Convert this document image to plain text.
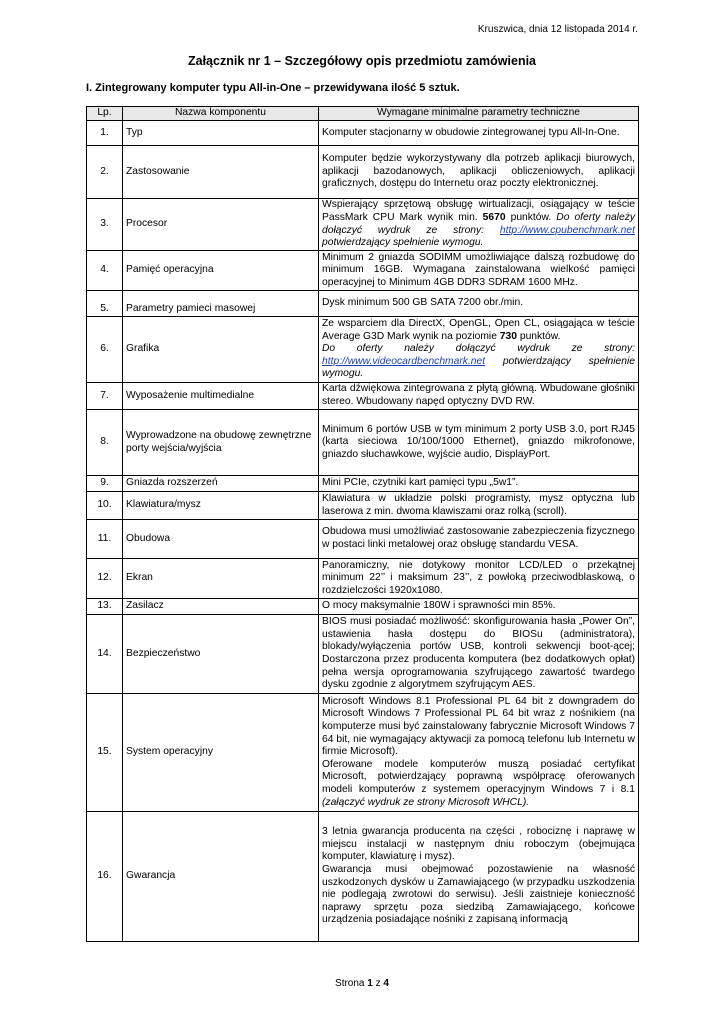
Kruszwica, dnia 12 listopada 2014 r.
Załącznik nr 1 – Szczegółowy opis przedmiotu zamówienia
I. Zintegrowany komputer typu All-in-One – przewidywana ilość 5 sztuk.
Lp.	Nazwa komponentu	Wymagane minimalne parametry techniczne
1.	Typ	Komputer stacjonarny w obudowie zintegrowanej typu All-In-One.
2.	Zastosowanie	Komputer będzie wykorzystywany dla potrzeb aplikacji biurowych, aplikacji bazodanowych, aplikacji obliczeniowych, aplikacji graficznych, dostępu do Internetu oraz poczty elektronicznej.
3.	Procesor	Wspierający sprzętową obsługę wirtualizacji, osiągający w teście PassMark CPU Mark wynik min. 5670 punktów. Do oferty należy dołączyć wydruk ze strony: http://www.cpubenchmark.net potwierdzający spełnienie wymogu.
4.	Pamięć operacyjna	Minimum 2 gniazda SODIMM umożliwiające dalszą rozbudowę do minimum 16GB. Wymagana zainstalowana wielkość pamięci operacyjnej to Minimum 4GB DDR3 SDRAM 1600 MHz.
5.	Parametry pamieci masowej	Dysk minimum 500 GB SATA 7200 obr./min.
6.	Grafika	Ze wsparciem dla DirectX, OpenGL, Open CL, osiągająca w teście Average G3D Mark wynik na poziomie 730 punktów.
Do oferty należy dołączyć wydruk ze strony: http://www.videocardbenchmark.net potwierdzający spełnienie wymogu.
7.	Wyposażenie multimedialne	Karta dźwiękowa zintegrowana z płytą główną. Wbudowane głośniki stereo. Wbudowany napęd optyczny DVD RW.
8.	Wyprowadzone na obudowę zewnętrzne porty wejścia/wyjścia	Minimum 6 portów USB w tym minimum 2 porty USB 3.0, port RJ45 (karta sieciowa 10/100/1000 Ethernet), gniazdo mikrofonowe, gniazdo słuchawkowe, wyjście audio, DisplayPort.
9.	Gniazda rozszerzeń	Mini PCIe, czytniki kart pamięci typu „5w1”.
10.	Klawiatura/mysz	Klawiatura w układzie polski programisty, mysz optyczna lub laserowa z min. dwoma klawiszami oraz rolką (scroll).
11.	Obudowa	Obudowa musi umożliwiać zastosowanie zabezpieczenia fizycznego w postaci linki metalowej oraz obsługę standardu VESA.
12.	Ekran	Panoramiczny, nie dotykowy monitor LCD/LED o przekątnej minimum 22’’ i maksimum 23’’, z powłoką przeciwodblaskową, o rozdzielczości 1920x1080.
13.	Zasilacz	O mocy maksymalnie 180W i sprawności min 85%.
14.	Bezpieczeństwo	BIOS musi posiadać możliwość: skonfigurowania hasła „Power On”, ustawienia hasła dostępu do BIOSu (administratora), blokady/wyłączenia portów USB, kontroli sekwencji boot-ącej; Dostarczona przez producenta komputera (bez dodatkowych opłat) pełna wersja oprogramowania szyfrującego zawartość twardego dysku zgodnie z algorytmem szyfrującym AES.
15.	System operacyjny	Microsoft Windows 8.1 Professional PL 64 bit z downgradem do Microsoft Windows 7 Professional PL 64 bit wraz z nośnikiem (na komputerze musi być zainstalowany fabrycznie Microsoft Windows 7 64 bit, nie wymagający aktywacji za pomocą telefonu lub Internetu w firmie Microsoft).
Oferowane modele komputerów muszą posiadać certyfikat Microsoft, potwierdzający poprawną współpracę oferowanych modeli komputerów z systemem operacyjnym Windows 7 i 8.1 (załączyć wydruk ze strony Microsoft WHCL).
16.	Gwarancja	3 letnia gwarancja producenta na części , robociznę i naprawę w miejscu instalacji w następnym dniu roboczym (obejmująca komputer, klawiaturę i mysz).
Gwarancja musi obejmować pozostawienie na własność uszkodzonych dysków u Zamawiającego (w przypadku uszkodzenia nie podlegają zwrotowi do serwisu). Jeśli zaistnieje konieczność naprawy sprzętu poza siedzibą Zamawiającego, końcowe urządzenia posiadające nośniki z zapisaną informacją
Strona 1 z 4
